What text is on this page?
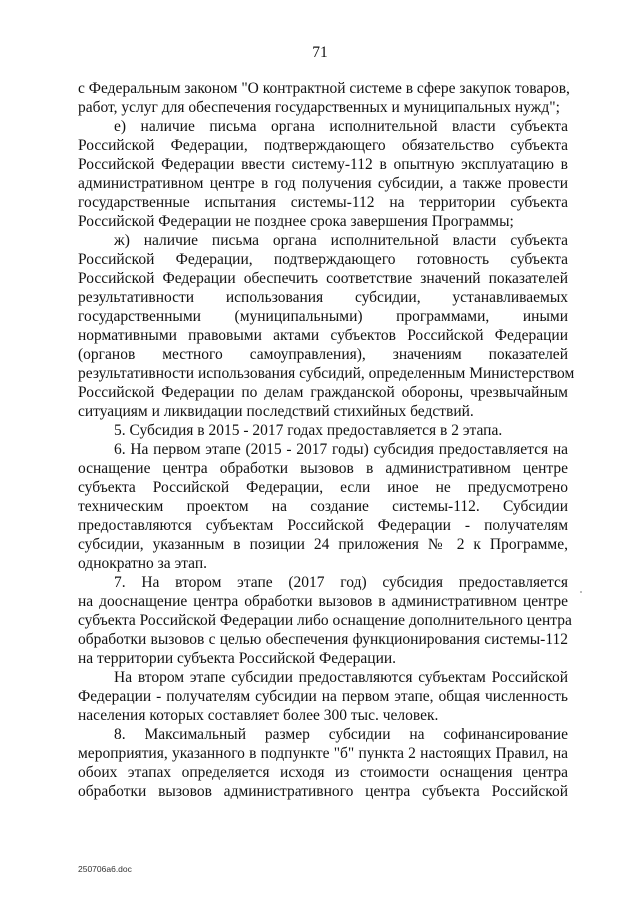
71
с Федеральным законом "О контрактной системе в сфере закупок товаров,
работ, услуг для обеспечения государственных и муниципальных нужд";
е) наличие письма органа исполнительной власти субъекта
Российской Федерации, подтверждающего обязательство субъекта
Российской Федерации ввести систему-112 в опытную эксплуатацию в
административном центре в год получения субсидии, а также провести
государственные испытания системы-112 на территории субъекта
Российской Федерации не позднее срока завершения Программы;
ж) наличие письма органа исполнительной власти субъекта
Российской Федерации, подтверждающего готовность субъекта
Российской Федерации обеспечить соответствие значений показателей
результативности использования субсидии, устанавливаемых
государственными (муниципальными) программами, иными
нормативными правовыми актами субъектов Российской Федерации
(органов местного самоуправления), значениям показателей
результативности использования субсидий, определенным Министерством
Российской Федерации по делам гражданской обороны, чрезвычайным
ситуациям и ликвидации последствий стихийных бедствий.
5. Субсидия в 2015 - 2017 годах предоставляется в 2 этапа.
6. На первом этапе (2015 - 2017 годы) субсидия предоставляется на
оснащение центра обработки вызовов в административном центре
субъекта Российской Федерации, если иное не предусмотрено
техническим проектом на создание системы-112. Субсидии
предоставляются субъектам Российской Федерации - получателям
субсидии, указанным в позиции 24 приложения № 2 к Программе,
однократно за этап.
7. На втором этапе (2017 год) субсидия предоставляется
на дооснащение центра обработки вызовов в административном центре
субъекта Российской Федерации либо оснащение дополнительного центра
обработки вызовов с целью обеспечения функционирования системы-112
на территории субъекта Российской Федерации.
На втором этапе субсидии предоставляются субъектам Российской
Федерации - получателям субсидии на первом этапе, общая численность
населения которых составляет более 300 тыс. человек.
8. Максимальный размер субсидии на софинансирование
мероприятия, указанного в подпункте "б" пункта 2 настоящих Правил, на
обоих этапах определяется исходя из стоимости оснащения центра
обработки вызовов административного центра субъекта Российской
250706a6.doc
